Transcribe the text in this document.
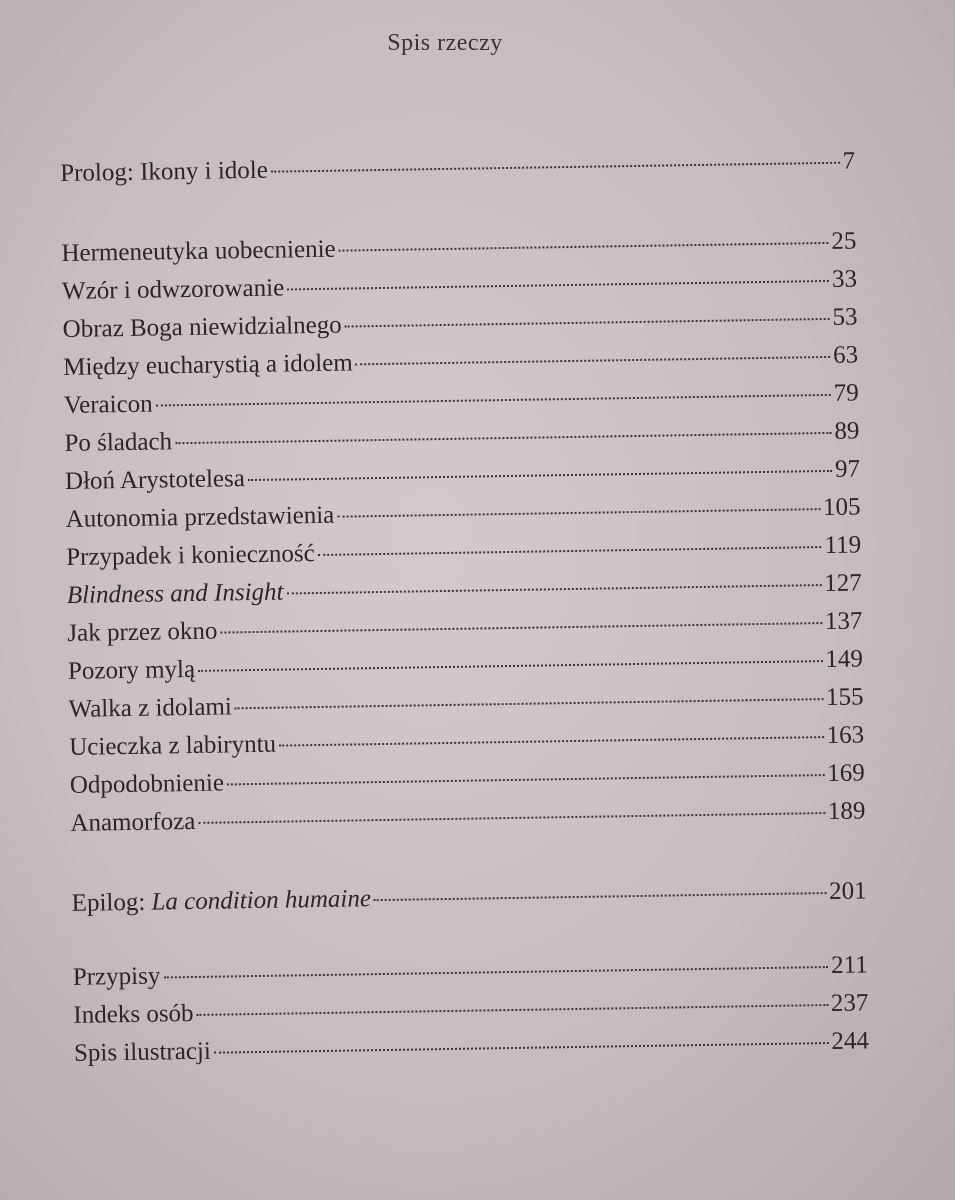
Spis rzeczy
Prolog: Ikony i idole	7
Hermeneutyka uobecnienie	25
Wzór i odwzorowanie	33
Obraz Boga niewidzialnego	53
Między eucharystią a idolem	63
Veraicon	79
Po śladach	89
Dłoń Arystotelesa	97
Autonomia przedstawienia	105
Przypadek i konieczność	119
Blindness and Insight	127
Jak przez okno	137
Pozory mylą	149
Walka z idolami	155
Ucieczka z labiryntu	163
Odpodobnienie	169
Anamorfoza	189
Epilog: La condition humaine	201
Przypisy	211
Indeks osób	237
Spis ilustracji	244
